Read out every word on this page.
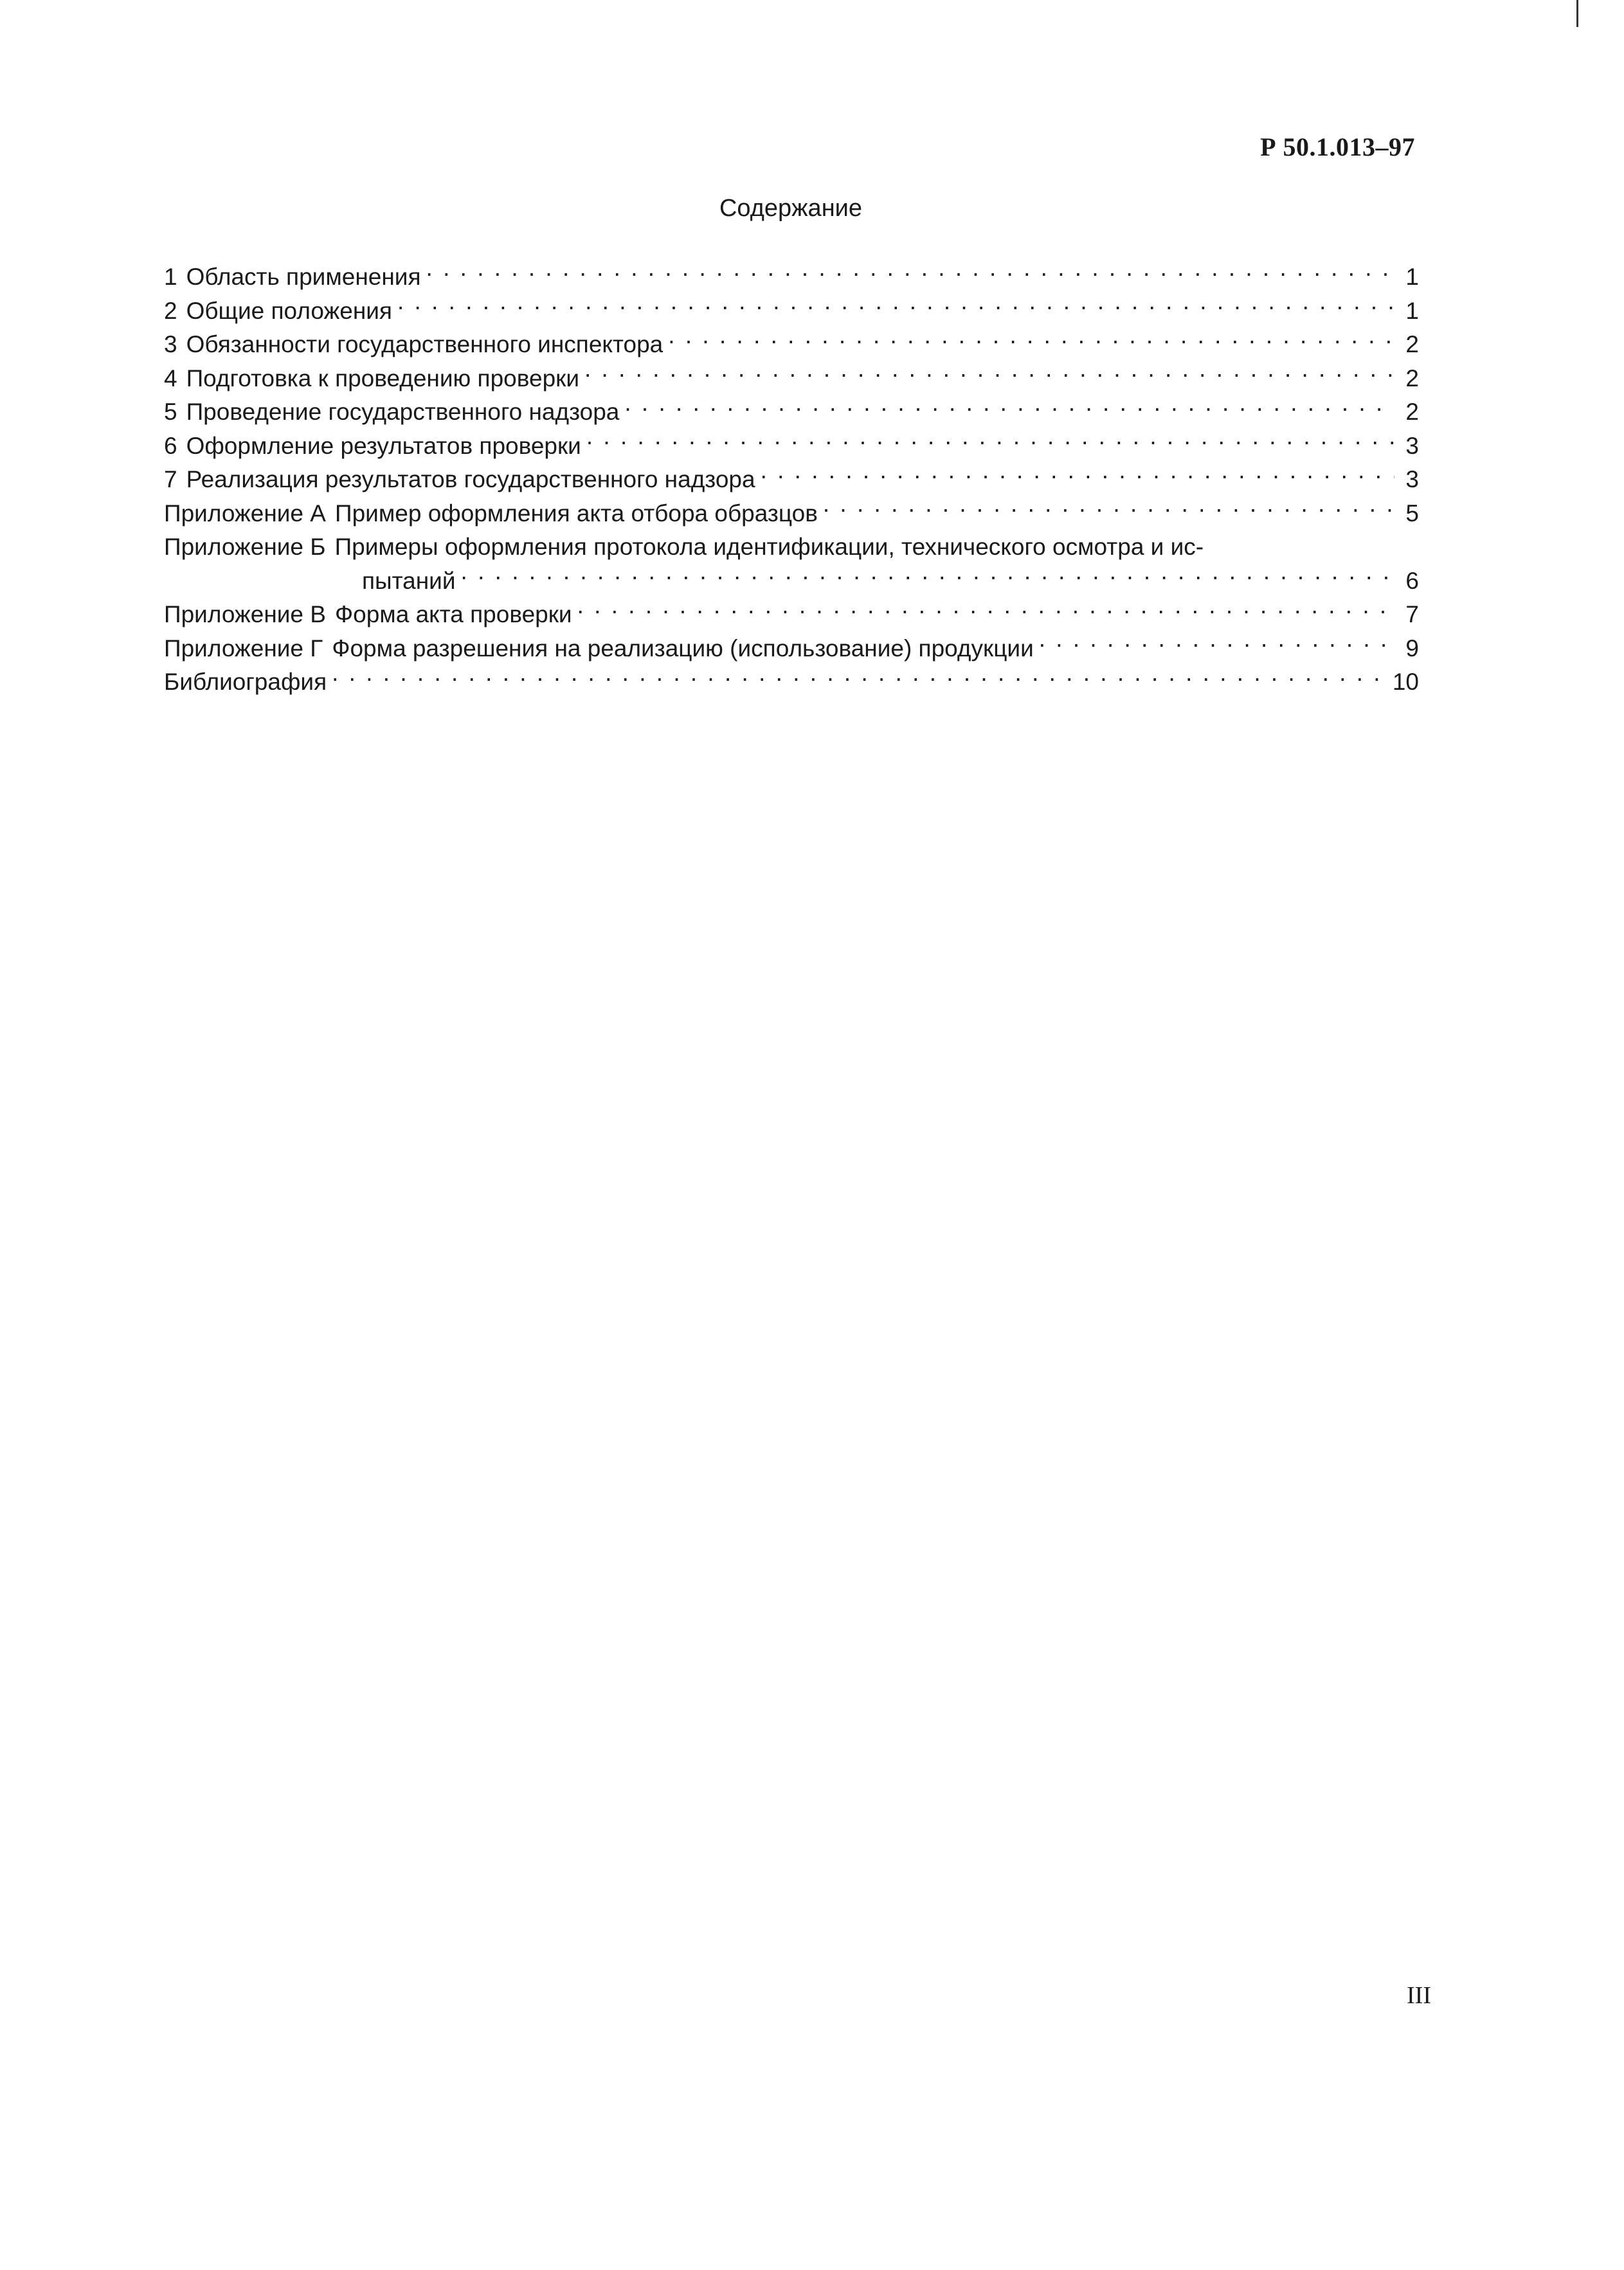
Р 50.1.013–97
Содержание
1 Область применения . . .	1
2 Общие положения . . .	1
3 Обязанности государственного инспектора . . .	2
4 Подготовка к проведению проверки . . .	2
5 Проведение государственного надзора . . .	2
6 Оформление результатов проверки . . .	3
7 Реализация результатов государственного надзора . . .	3
Приложение А Пример оформления акта отбора образцов . . .	5
Приложение Б Примеры оформления протокола идентификации, технического осмотра и ис-
пытаний . . .	6
Приложение В Форма акта проверки . . .	7
Приложение Г Форма разрешения на реализацию (использование) продукции . . .	9
Библиография . . .	10
III
